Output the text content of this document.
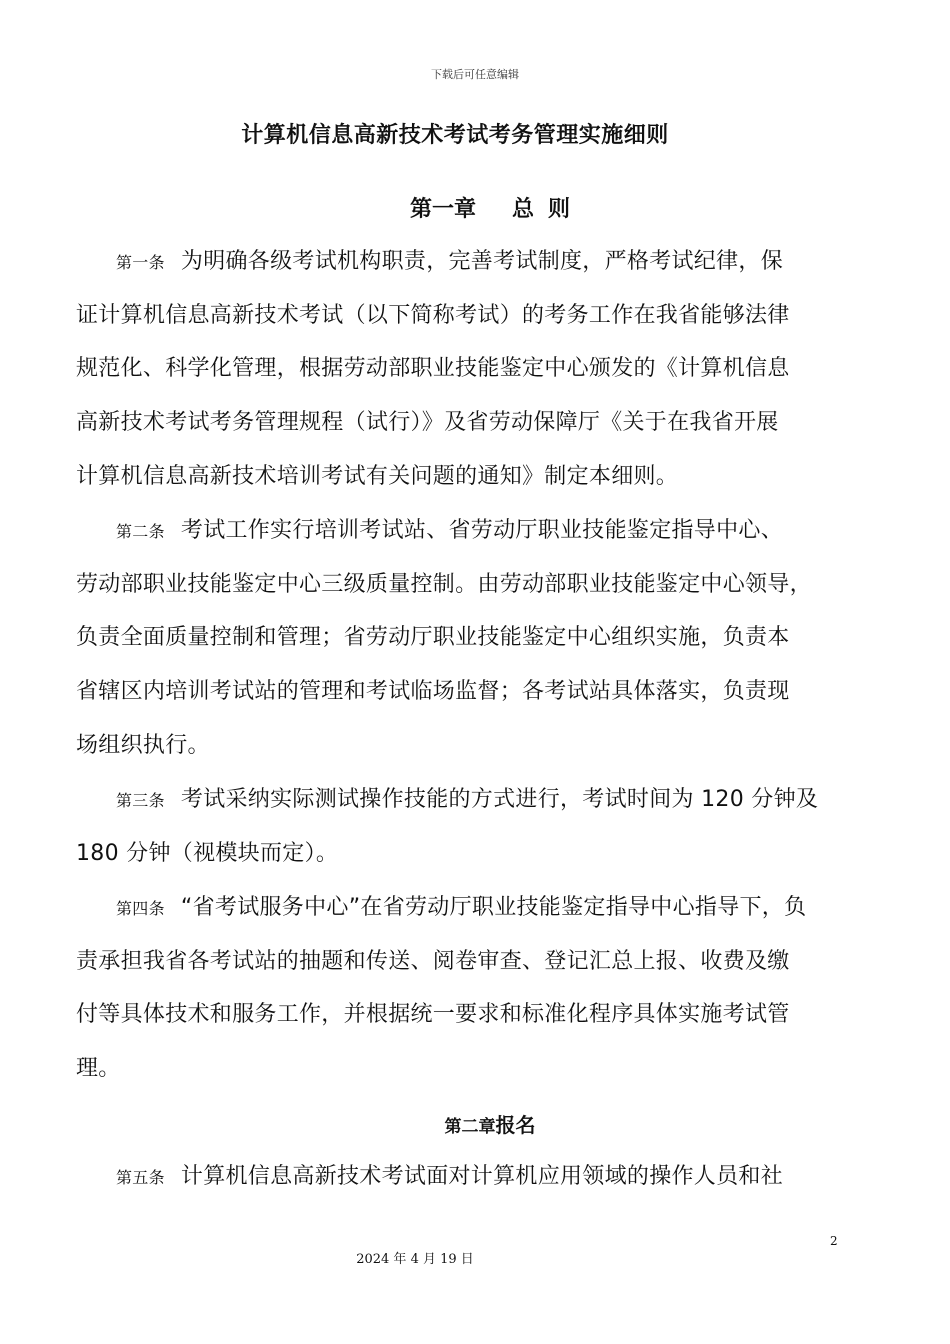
下载后可任意编辑
计算机信息高新技术考试考务管理实施细则
第一章 总 则
第一条 为明确各级考试机构职责，完善考试制度，严格考试纪律，保
证计算机信息高新技术考试（以下简称考试）的考务工作在我省能够法律
规范化、科学化管理，根据劳动部职业技能鉴定中心颁发的《计算机信息
高新技术考试考务管理规程（试行）》及省劳动保障厅《关于在我省开展
计算机信息高新技术培训考试有关问题的通知》制定本细则。
第二条 考试工作实行培训考试站、省劳动厅职业技能鉴定指导中心、
劳动部职业技能鉴定中心三级质量控制。由劳动部职业技能鉴定中心领导，
负责全面质量控制和管理；省劳动厅职业技能鉴定中心组织实施，负责本
省辖区内培训考试站的管理和考试临场监督；各考试站具体落实，负责现
场组织执行。
第三条 考试采纳实际测试操作技能的方式进行，考试时间为 120 分钟及
180 分钟（视模块而定）。
第四条 “省考试服务中心”在省劳动厅职业技能鉴定指导中心指导下，负
责承担我省各考试站的抽题和传送、阅卷审查、登记汇总上报、收费及缴
付等具体技术和服务工作，并根据统一要求和标准化程序具体实施考试管
理。
第二章报名
第五条 计算机信息高新技术考试面对计算机应用领域的操作人员和社
2
2024 年 4 月 19 日
